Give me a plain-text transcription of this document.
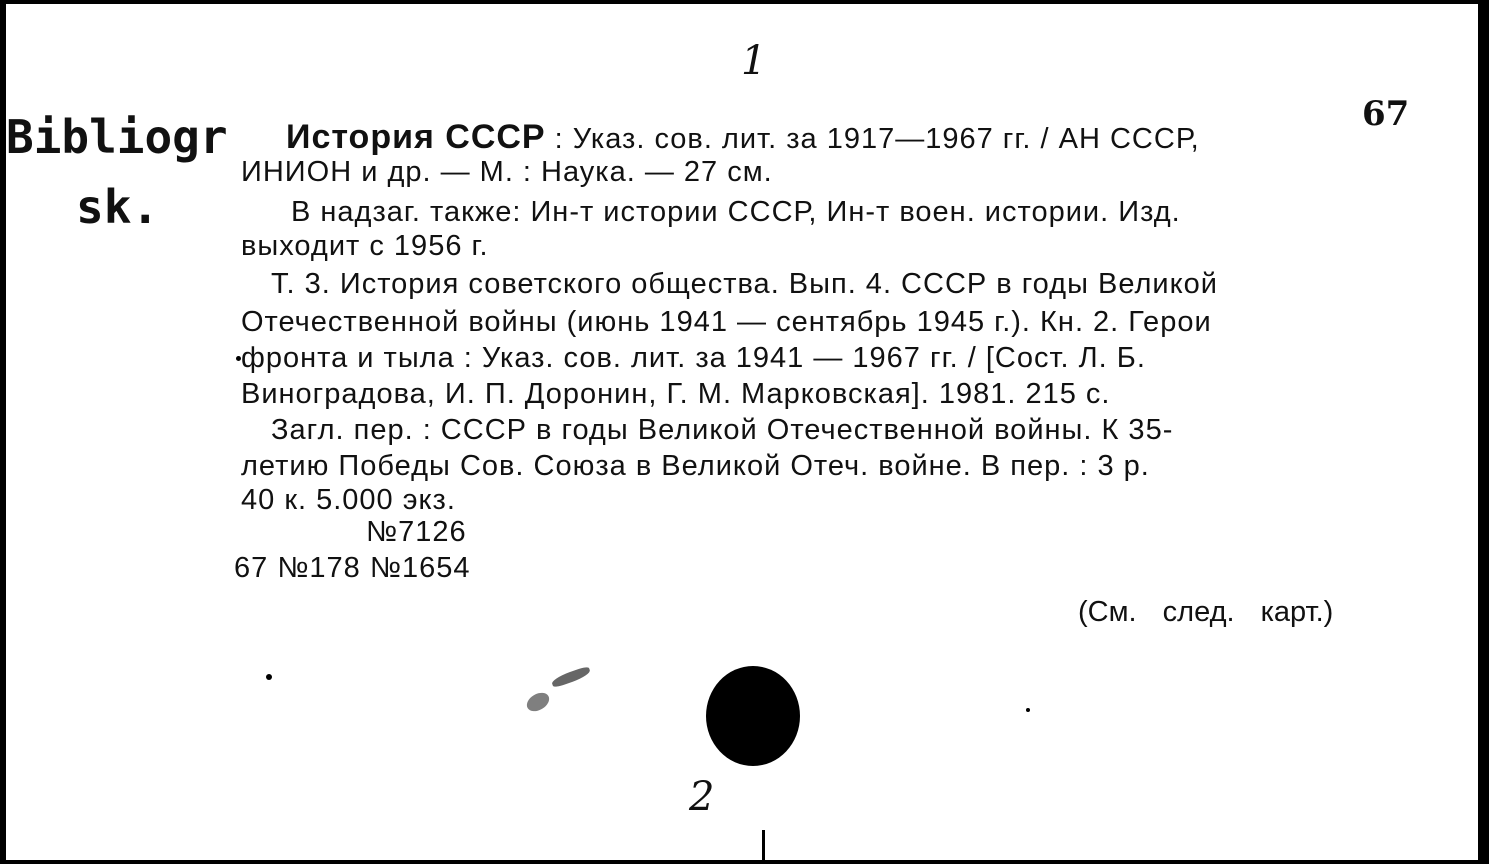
1
Bibliogr
sk.
67
История СССР : Указ. сов. лит. за 1917—1967 гг. / АН СССР,
ИНИОН и др. — М. : Наука. — 27 см.
В надзаг. также: Ин-т истории СССР, Ин-т воен. истории. Изд.
выходит с 1956 г.
Т. 3. История советского общества. Вып. 4. СССР в годы Великой
Отечественной войны (июнь 1941 — сентябрь 1945 г.). Кн. 2. Герои
фронта и тыла : Указ. сов. лит. за 1941 — 1967 гг. / [Сост. Л. Б.
Виноградова, И. П. Доронин, Г. М. Марковская]. 1981. 215 с.
Загл. пер. : СССР в годы Великой Отечественной войны. К 35-
летию Победы Сов. Союза в Великой Отеч. войне. В пер. : 3 р.
40 к. 5.000 экз.
№7126
67 №178 №1654
(См. след. карт.)
2
